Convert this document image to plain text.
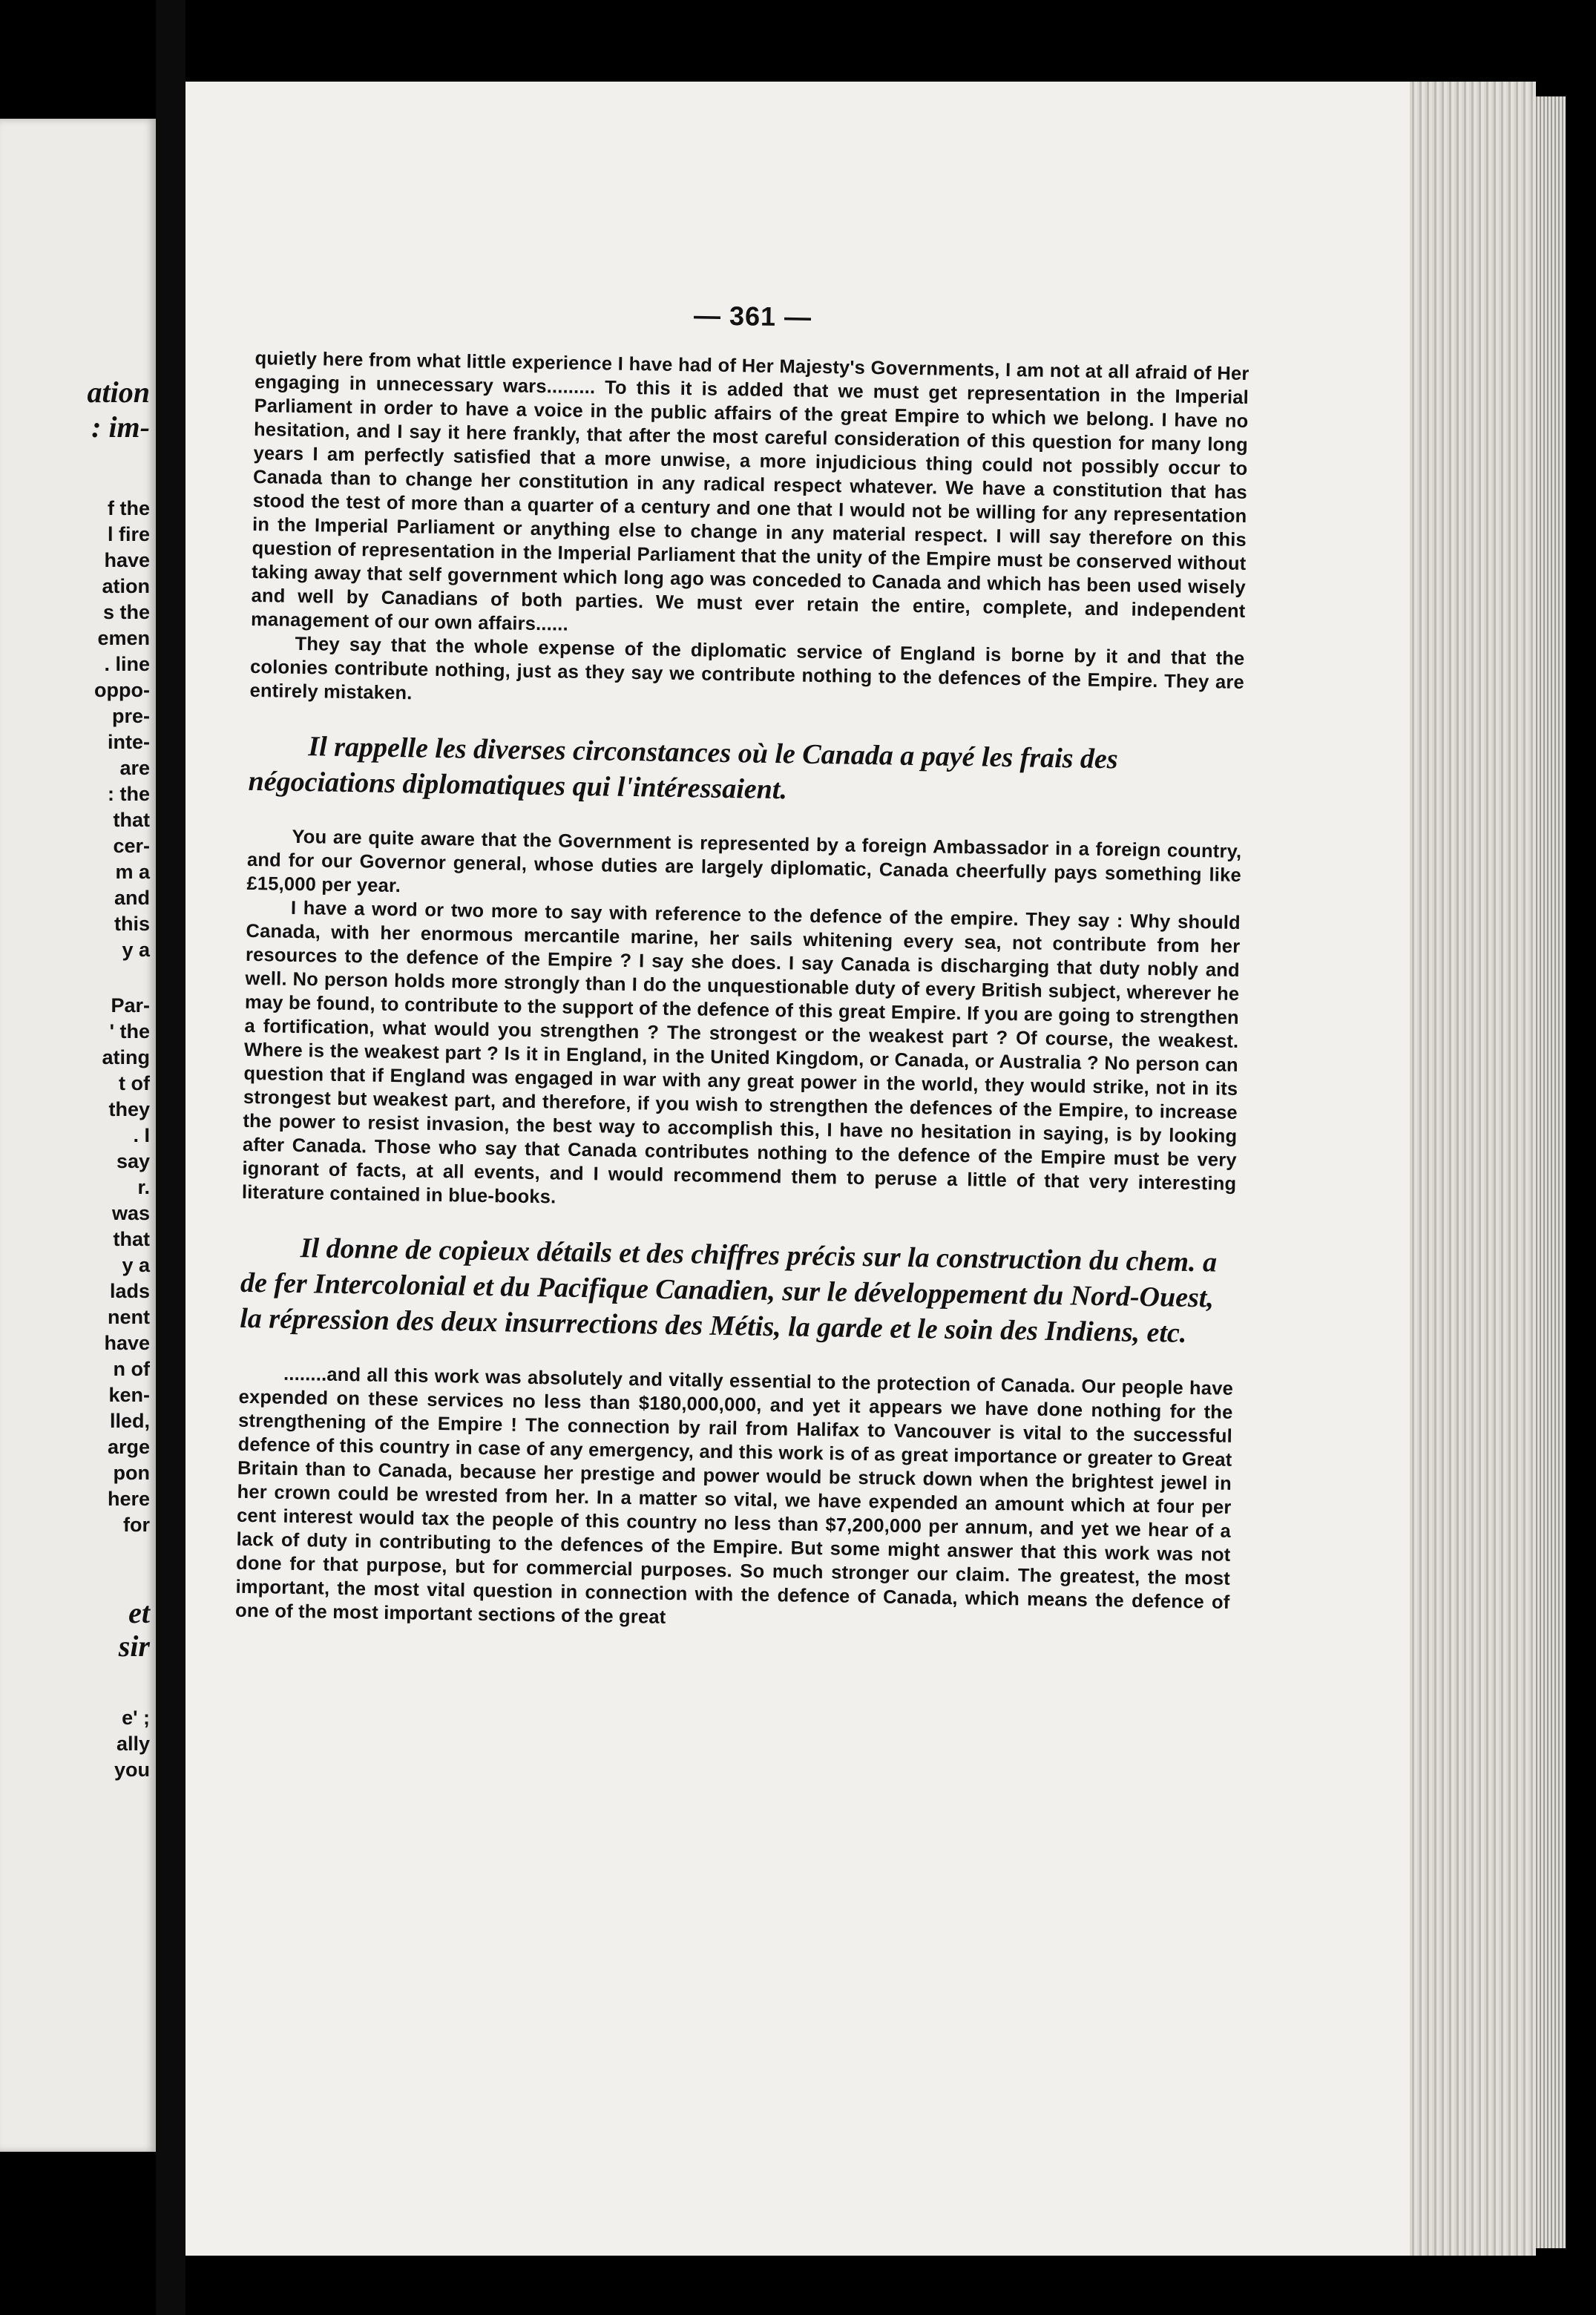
ation
: im-
f the
l fire
have
ation
s the
emen
. line
oppo-
pre-
inte-
are
: the
that
cer-
m a
and
this
y a
Par-
' the
ating
t of
they
. I
say
r.
was
that
y a
lads
nent
have
n of
ken-
lled,
arge
pon
here
for
et
sir
e' ;
ally
you
— 361 —

quietly here from what little experience I have had of Her Majesty's Governments, I am not at all afraid of Her engaging in unnecessary wars......... To this it is added that we must get representation in the Imperial Parliament in order to have a voice in the public affairs of the great Empire to which we belong. I have no hesitation, and I say it here frankly, that after the most careful consideration of this question for many long years I am perfectly satisfied that a more unwise, a more injudicious thing could not possibly occur to Canada than to change her constitution in any radical respect whatever. We have a constitution that has stood the test of more than a quarter of a century and one that I would not be willing for any representation in the Imperial Parliament or anything else to change in any material respect. I will say therefore on this question of representation in the Imperial Parliament that the unity of the Empire must be conserved without taking away that self government which long ago was conceded to Canada and which has been used wisely and well by Canadians of both parties. We must ever retain the entire, complete, and independent management of our own affairs......

They say that the whole expense of the diplomatic service of England is borne by it and that the colonies contribute nothing, just as they say we contribute nothing to the defences of the Empire. They are entirely mistaken.

Il rappelle les diverses circonstances où le Canada a payé les frais des négociations diplomatiques qui l'intéressaient.

You are quite aware that the Government is represented by a foreign Ambassador in a foreign country, and for our Governor general, whose duties are largely diplomatic, Canada cheerfully pays something like £15,000 per year.

I have a word or two more to say with reference to the defence of the empire. They say : Why should Canada, with her enormous mercantile marine, her sails whitening every sea, not contribute from her resources to the defence of the Empire ? I say she does. I say Canada is discharging that duty nobly and well. No person holds more strongly than I do the unquestionable duty of every British subject, wherever he may be found, to contribute to the support of the defence of this great Empire. If you are going to strengthen a fortification, what would you strengthen ? The strongest or the weakest part ? Of course, the weakest. Where is the weakest part ? Is it in England, in the United Kingdom, or Canada, or Australia ? No person can question that if England was engaged in war with any great power in the world, they would strike, not in its strongest but weakest part, and therefore, if you wish to strengthen the defences of the Empire, to increase the power to resist invasion, the best way to accomplish this, I have no hesitation in saying, is by looking after Canada. Those who say that Canada contributes nothing to the defence of the Empire must be very ignorant of facts, at all events, and I would recommend them to peruse a little of that very interesting literature contained in blue-books.

Il donne de copieux détails et des chiffres précis sur la construction du chem. a de fer Intercolonial et du Pacifique Canadien, sur le développement du Nord-Ouest, la répression des deux insurrections des Métis, la garde et le soin des Indiens, etc.

........and all this work was absolutely and vitally essential to the protection of Canada. Our people have expended on these services no less than $180,000,000, and yet it appears we have done nothing for the strengthening of the Empire ! The connection by rail from Halifax to Vancouver is vital to the successful defence of this country in case of any emergency, and this work is of as great importance or greater to Great Britain than to Canada, because her prestige and power would be struck down when the brightest jewel in her crown could be wrested from her. In a matter so vital, we have expended an amount which at four per cent interest would tax the people of this country no less than $7,200,000 per annum, and yet we hear of a lack of duty in contributing to the defences of the Empire. But some might answer that this work was not done for that purpose, but for commercial purposes. So much stronger our claim. The greatest, the most important, the most vital question in connection with the defence of Canada, which means the defence of one of the most important sections of the great
